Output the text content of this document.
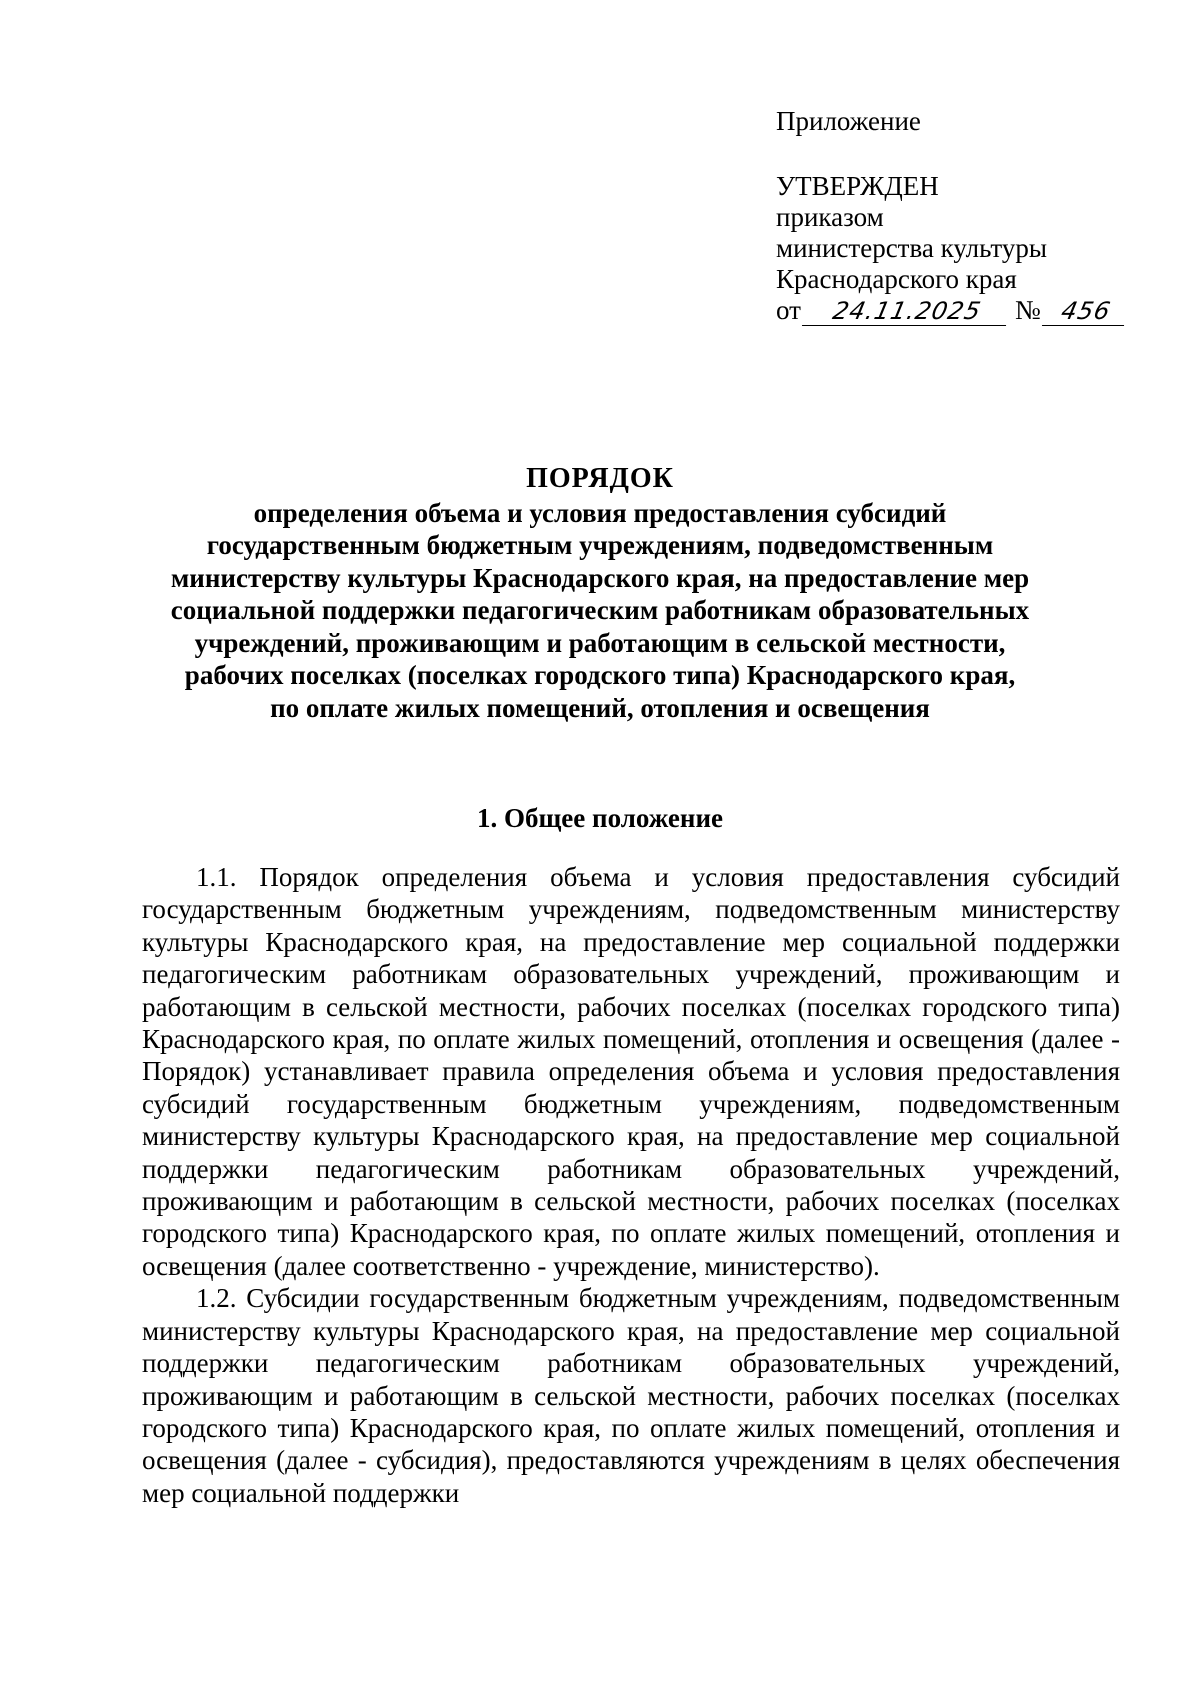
Приложение
УТВЕРЖДЕН
приказом
министерства культуры
Краснодарского края
от 24.11.2025 № 456
ПОРЯДОК
определения объема и условия предоставления субсидий
государственным бюджетным учреждениям, подведомственным
министерству культуры Краснодарского края, на предоставление мер
социальной поддержки педагогическим работникам образовательных
учреждений, проживающим и работающим в сельской местности,
рабочих поселках (поселках городского типа) Краснодарского края,
по оплате жилых помещений, отопления и освещения
1. Общее положение

1.1. Порядок определения объема и условия предоставления субсидий государственным бюджетным учреждениям, подведомственным министерству культуры Краснодарского края, на предоставление мер социальной поддержки педагогическим работникам образовательных учреждений, проживающим и работающим в сельской местности, рабочих поселках (поселках городского типа) Краснодарского края, по оплате жилых помещений, отопления и освещения (далее - Порядок) устанавливает правила определения объема и условия предоставления субсидий государственным бюджетным учреждениям, подведомственным министерству культуры Краснодарского края, на предоставление мер социальной поддержки педагогическим работникам образовательных учреждений, проживающим и работающим в сельской местности, рабочих поселках (поселках городского типа) Краснодарского края, по оплате жилых помещений, отопления и освещения (далее соответственно - учреждение, министерство).

1.2. Субсидии государственным бюджетным учреждениям, подведомственным министерству культуры Краснодарского края, на предоставление мер социальной поддержки педагогическим работникам образовательных учреждений, проживающим и работающим в сельской местности, рабочих поселках (поселках городского типа) Краснодарского края, по оплате жилых помещений, отопления и освещения (далее - субсидия), предоставляются учреждениям в целях обеспечения мер социальной поддержки
